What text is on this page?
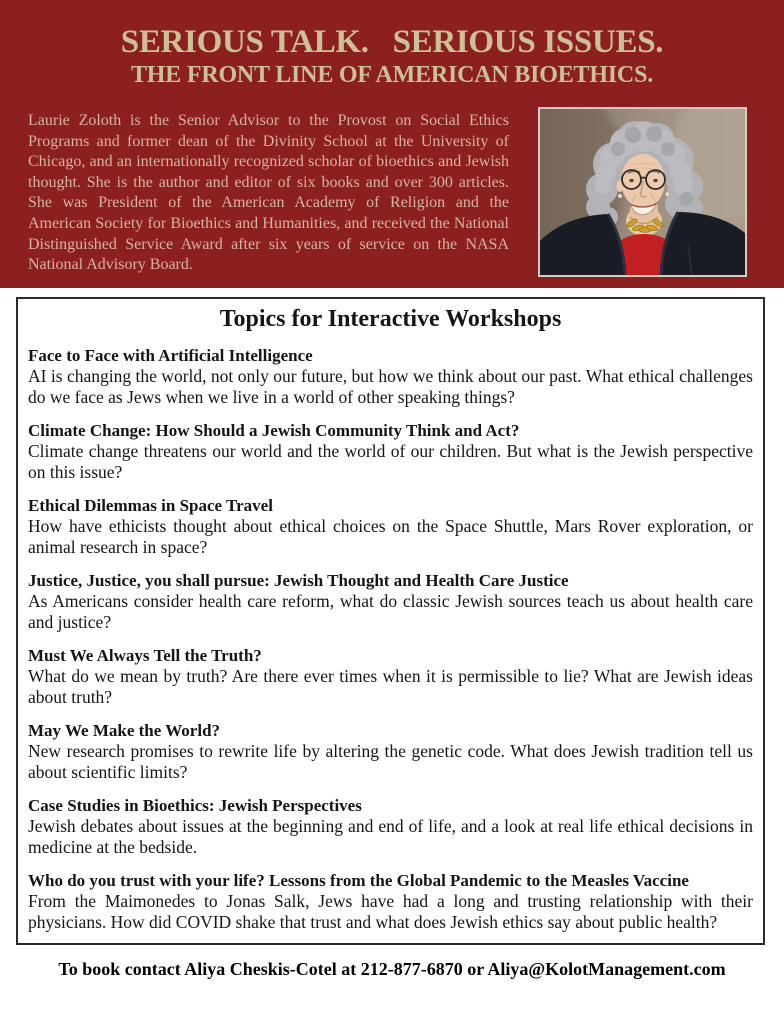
SERIOUS TALK.   SERIOUS ISSUES.
THE FRONT LINE OF AMERICAN BIOETHICS.

Laurie Zoloth is the Senior Advisor to the Provost on Social Ethics Programs and former dean of the Divinity School at the University of Chicago, and an internationally recognized scholar of bioethics and Jewish thought. She is the author and editor of six books and over 300 articles. She was President of the American Academy of Religion and the American Society for Bioethics and Humanities, and received the National Distinguished Service Award after six years of service on the NASA National Advisory Board.

Topics for Interactive Workshops
Face to Face with Artificial Intelligence

AI is changing the world, not only our future, but how we think about our past. What ethical challenges do we face as Jews when we live in a world of other speaking things?

Climate Change: How Should a Jewish Community Think and Act?

Climate change threatens our world and the world of our children. But what is the Jewish perspective on this issue?

Ethical Dilemmas in Space Travel

How have ethicists thought about ethical choices on the Space Shuttle, Mars Rover exploration, or animal research in space?

Justice, Justice, you shall pursue: Jewish Thought and Health Care Justice

As Americans consider health care reform, what do classic Jewish sources teach us about health care and justice?

Must We Always Tell the Truth?

What do we mean by truth? Are there ever times when it is permissible to lie? What are Jewish ideas about truth?

May We Make the World?

New research promises to rewrite life by altering the genetic code. What does Jewish tradition tell us about scientific limits?

Case Studies in Bioethics: Jewish Perspectives

Jewish debates about issues at the beginning and end of life, and a look at real life ethical decisions in medicine at the bedside.

Who do you trust with your life? Lessons from the Global Pandemic to the Measles Vaccine

From the Maimonedes to Jonas Salk, Jews have had a long and trusting relationship with their physicians. How did COVID shake that trust and what does Jewish ethics say about public health?

To book contact Aliya Cheskis-Cotel at 212-877-6870 or Aliya@KolotManagement.com
